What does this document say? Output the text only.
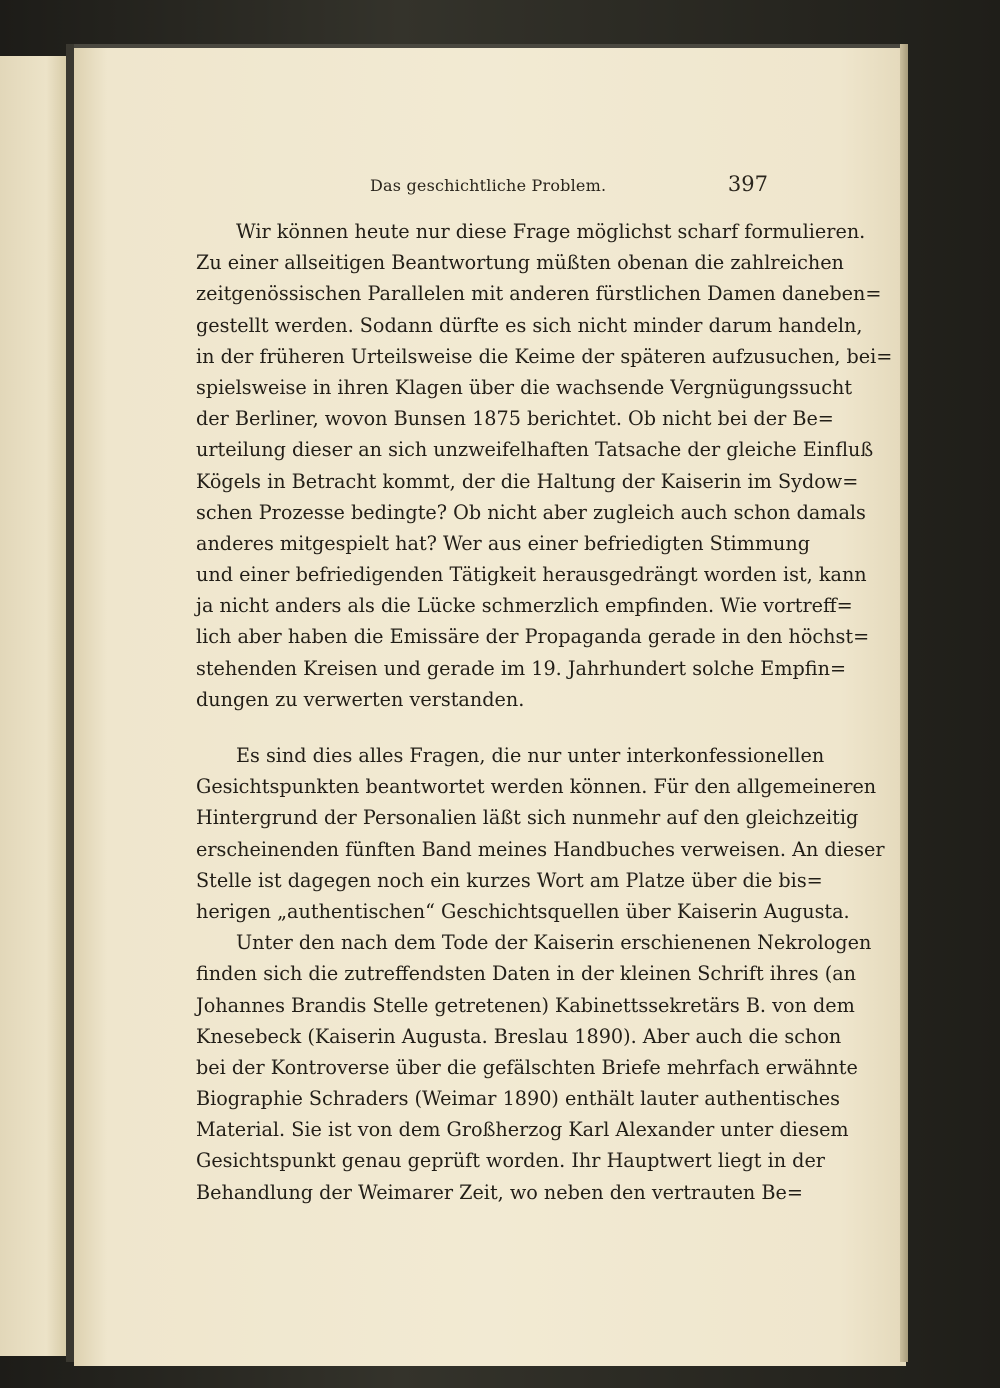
Das geschichtliche Problem.	397
Wir können heute nur diese Frage möglichst scharf formulieren.
Zu einer allseitigen Beantwortung müßten obenan die zahlreichen
zeitgenössischen Parallelen mit anderen fürstlichen Damen daneben=
gestellt werden. Sodann dürfte es sich nicht minder darum handeln,
in der früheren Urteilsweise die Keime der späteren aufzusuchen, bei=
spielsweise in ihren Klagen über die wachsende Vergnügungssucht
der Berliner, wovon Bunsen 1875 berichtet. Ob nicht bei der Be=
urteilung dieser an sich unzweifelhaften Tatsache der gleiche Einfluß
Kögels in Betracht kommt, der die Haltung der Kaiserin im Sydow=
schen Prozesse bedingte? Ob nicht aber zugleich auch schon damals
anderes mitgespielt hat? Wer aus einer befriedigten Stimmung
und einer befriedigenden Tätigkeit herausgedrängt worden ist, kann
ja nicht anders als die Lücke schmerzlich empfinden. Wie vortreff=
lich aber haben die Emissäre der Propaganda gerade in den höchst=
stehenden Kreisen und gerade im 19. Jahrhundert solche Empfin=
dungen zu verwerten verstanden.
Es sind dies alles Fragen, die nur unter interkonfessionellen
Gesichtspunkten beantwortet werden können. Für den allgemeineren
Hintergrund der Personalien läßt sich nunmehr auf den gleichzeitig
erscheinenden fünften Band meines Handbuches verweisen. An dieser
Stelle ist dagegen noch ein kurzes Wort am Platze über die bis=
herigen „authentischen“ Geschichtsquellen über Kaiserin Augusta.
Unter den nach dem Tode der Kaiserin erschienenen Nekrologen
finden sich die zutreffendsten Daten in der kleinen Schrift ihres (an
Johannes Brandis Stelle getretenen) Kabinettssekretärs B. von dem
Knesebeck (Kaiserin Augusta. Breslau 1890). Aber auch die schon
bei der Kontroverse über die gefälschten Briefe mehrfach erwähnte
Biographie Schraders (Weimar 1890) enthält lauter authentisches
Material. Sie ist von dem Großherzog Karl Alexander unter diesem
Gesichtspunkt genau geprüft worden. Ihr Hauptwert liegt in der
Behandlung der Weimarer Zeit, wo neben den vertrauten Be=
